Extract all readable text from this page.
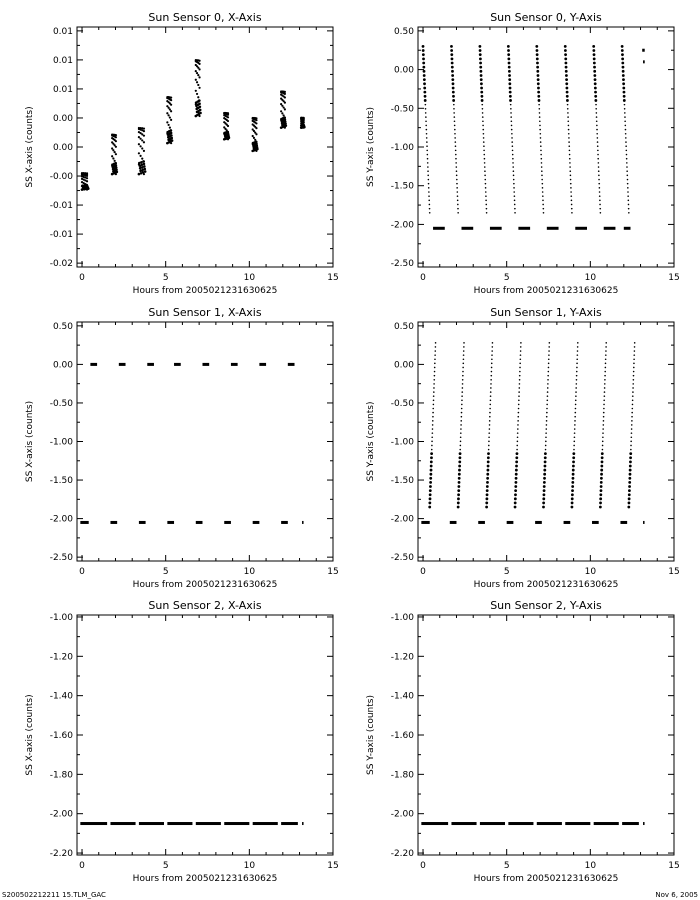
Sun Sensor 0, X-Axis
0	5	10	15
-0.02
-0.01
-0.01
-0.00
0.00
0.00
0.01
0.01
0.01
Hours from 2005021231630625
SS X-axis (counts)
Sun Sensor 0, Y-Axis
0	5	10	15
-2.50
-2.00
-1.50
-1.00
-0.50
0.00
0.50
Hours from 2005021231630625
SS Y-axis (counts)
Sun Sensor 1, X-Axis
0	5	10	15
-2.50
-2.00
-1.50
-1.00
-0.50
0.00
0.50
Hours from 2005021231630625
SS X-axis (counts)
Sun Sensor 1, Y-Axis
0	5	10	15
-2.50
-2.00
-1.50
-1.00
-0.50
0.00
0.50
Hours from 2005021231630625
SS Y-axis (counts)
Sun Sensor 2, X-Axis
0	5	10	15
-2.20
-2.00
-1.80
-1.60
-1.40
-1.20
-1.00
Hours from 2005021231630625
SS X-axis (counts)
Sun Sensor 2, Y-Axis
0	5	10	15
-2.20
-2.00
-1.80
-1.60
-1.40
-1.20
-1.00
Hours from 2005021231630625
SS Y-axis (counts)
S200502212211 15.TLM_GAC	Nov 6, 2005
